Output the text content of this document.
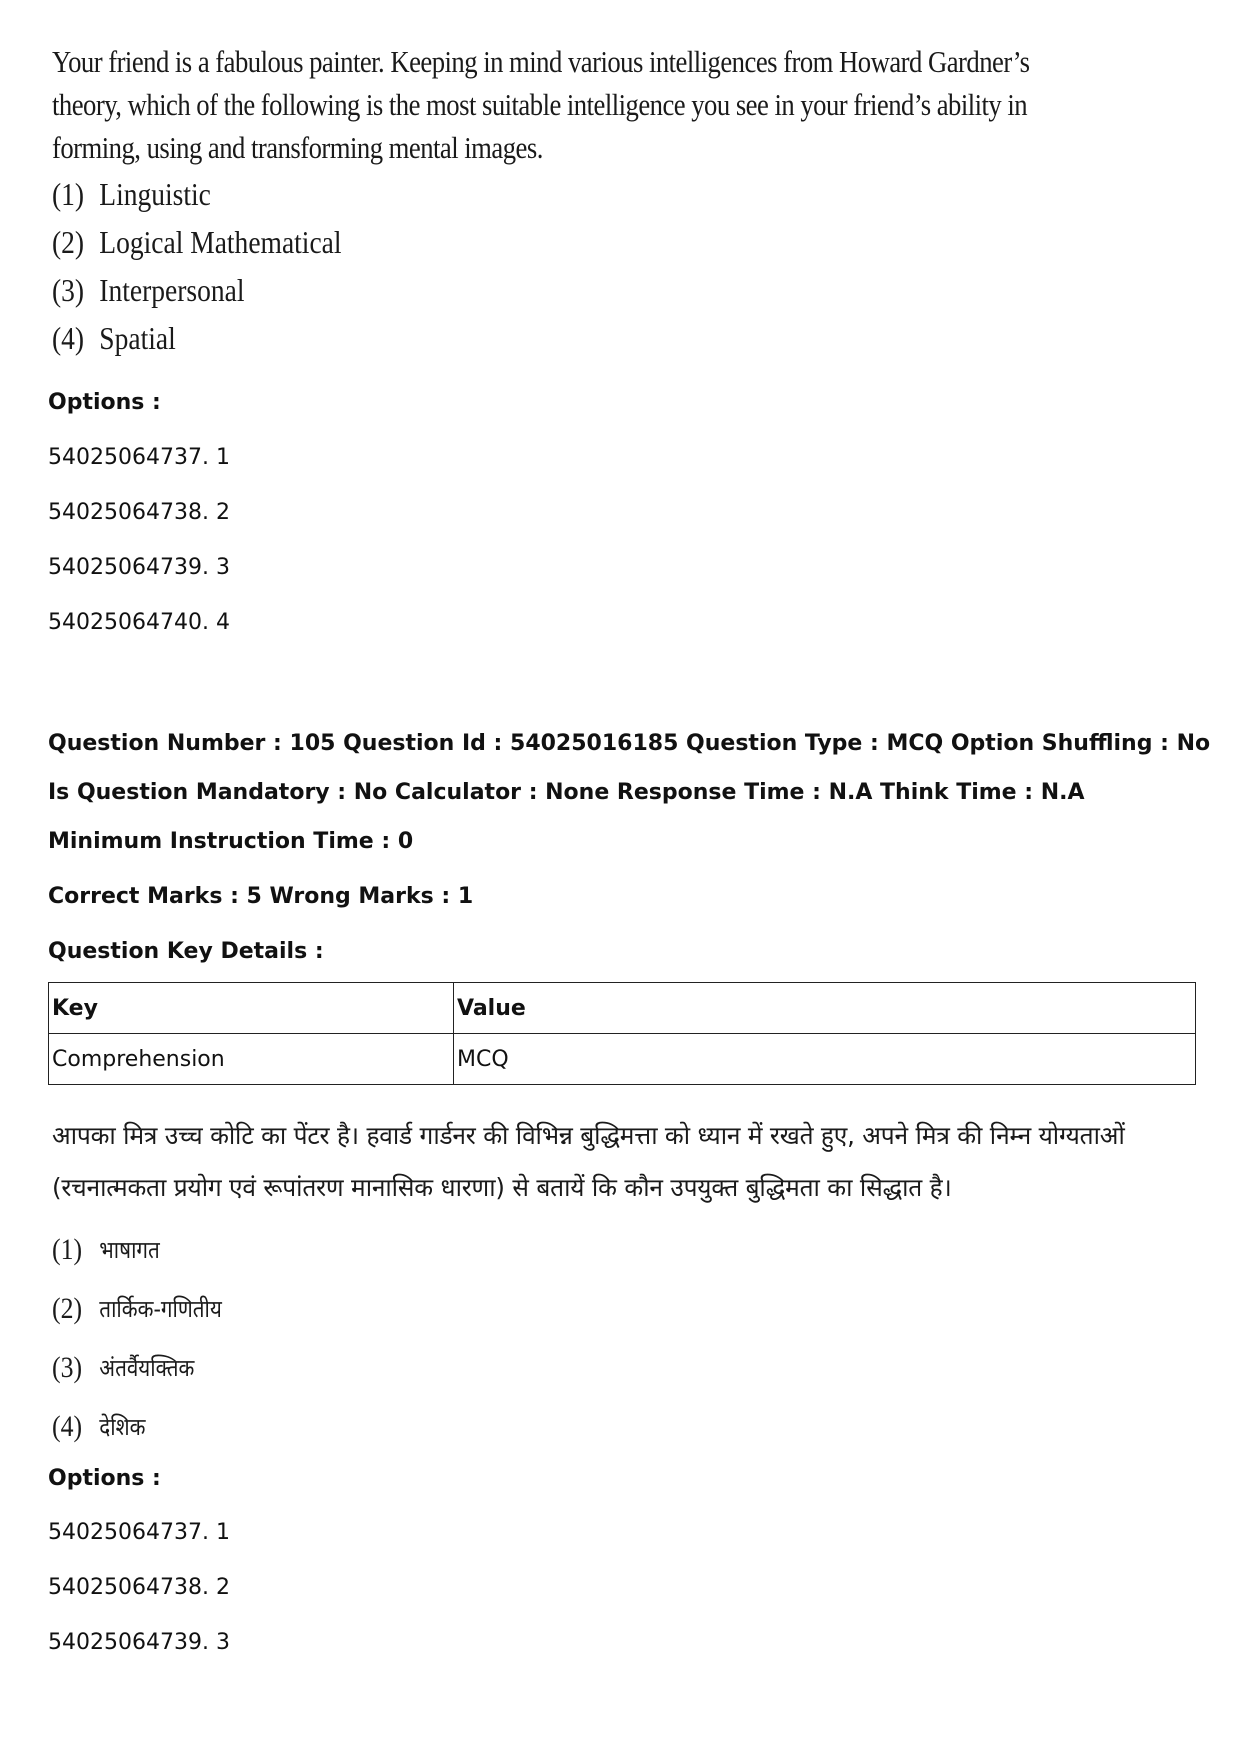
Your friend is a fabulous painter. Keeping in mind various intelligences from Howard Gardner’s
theory, which of the following is the most suitable intelligence you see in your friend’s ability in
forming, using and transforming mental images.
(1) Linguistic
(2) Logical Mathematical
(3) Interpersonal
(4) Spatial
Options :
54025064737. 1
54025064738. 2
54025064739. 3
54025064740. 4
Question Number : 105 Question Id : 54025016185 Question Type : MCQ Option Shuffling : No
Is Question Mandatory : No Calculator : None Response Time : N.A Think Time : N.A
Minimum Instruction Time : 0
Correct Marks : 5 Wrong Marks : 1
Question Key Details :
Key	Value
Comprehension	MCQ
आपका मित्र उच्च कोटि का पेंटर है। हवार्ड गार्डनर की विभिन्न बुद्धिमत्ता को ध्यान में रखते हुए, अपने मित्र की निम्न योग्यताओं
(रचनात्मकता प्रयोग एवं रूपांतरण मानासिक धारणा) से बतायें कि कौन उपयुक्त बुद्धिमता का सिद्धात है।
(1) भाषागत
(2) तार्किक-गणितीय
(3) अंतर्वैयक्तिक
(4) देशिक
Options :
54025064737. 1
54025064738. 2
54025064739. 3
